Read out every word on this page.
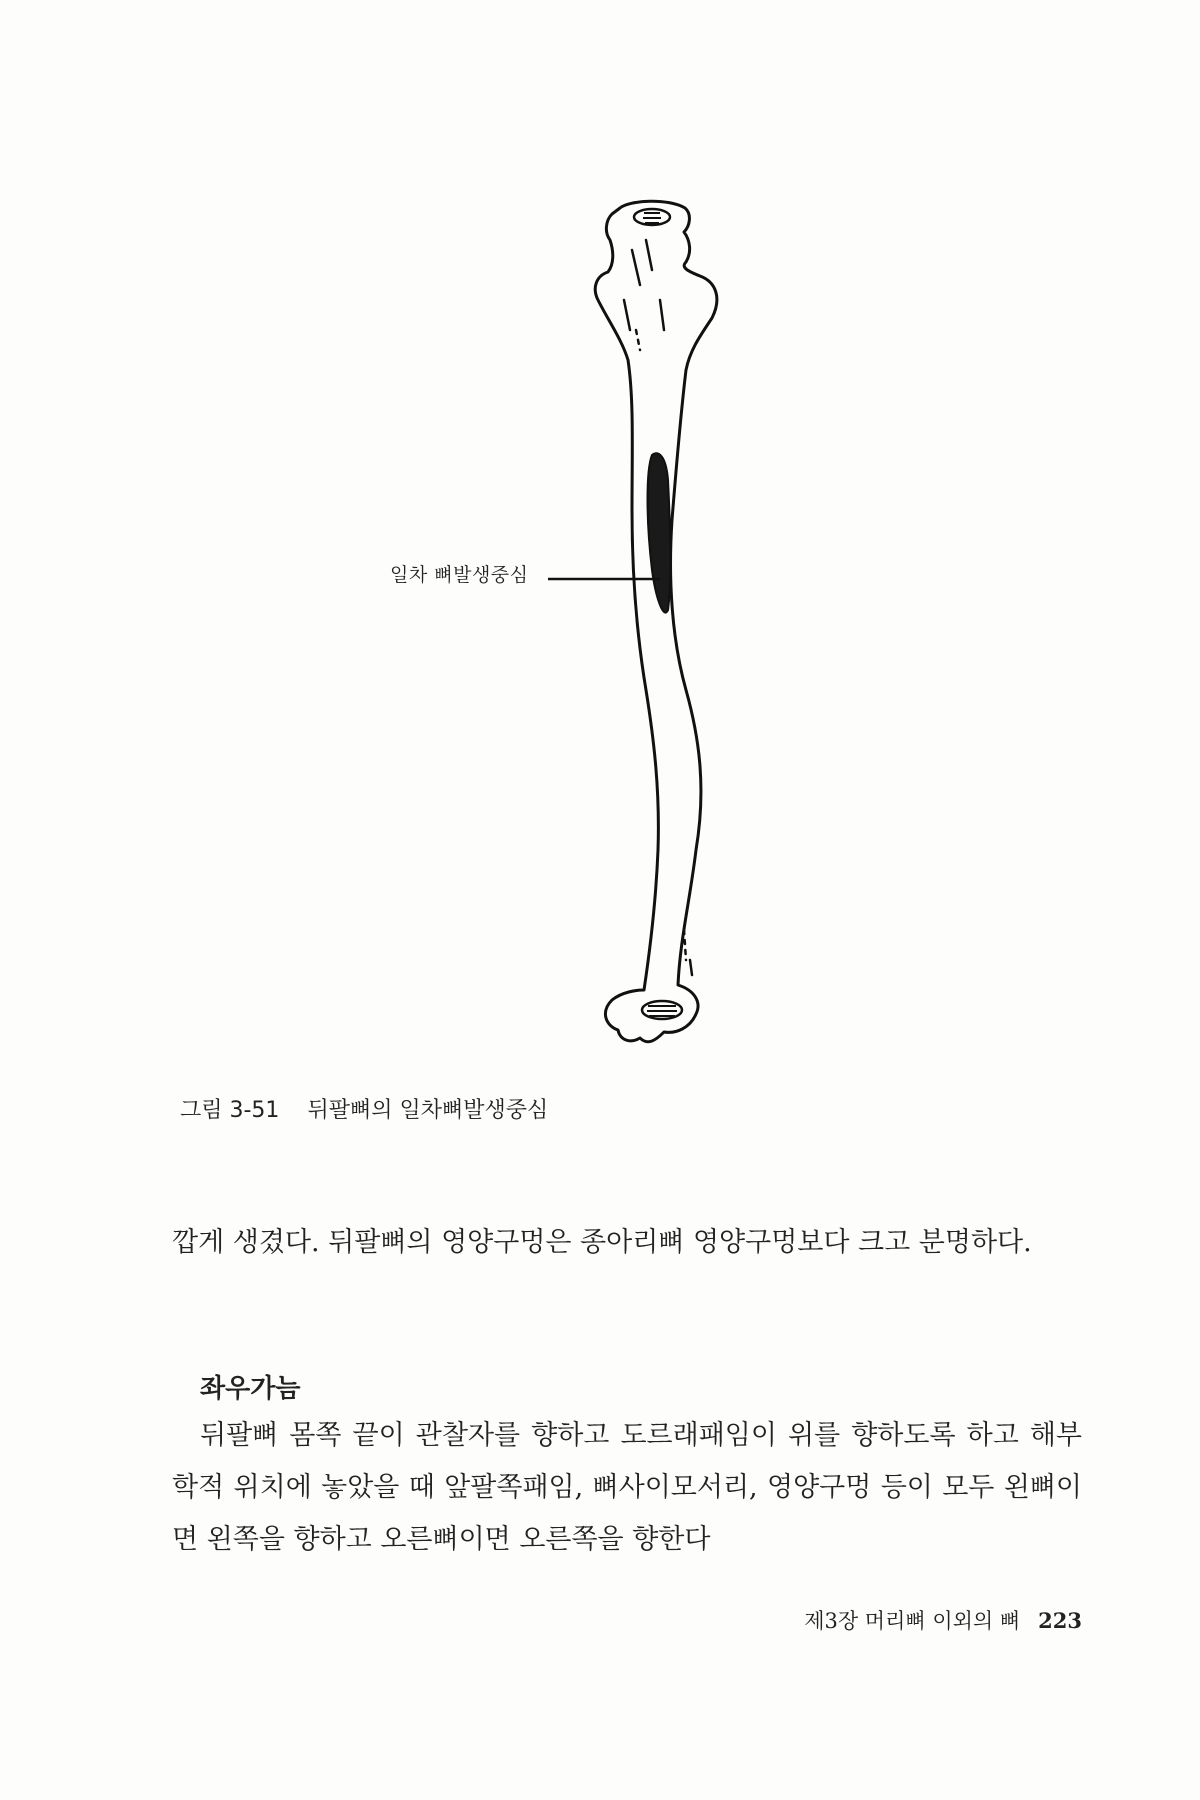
일차 뼈발생중심
그림 3-51 뒤팔뼈의 일차뼈발생중심

깝게 생겼다. 뒤팔뼈의 영양구멍은 종아리뼈 영양구멍보다 크고 분명하다.

좌우가늠

뒤팔뼈 몸쪽 끝이 관찰자를 향하고 도르래패임이 위를 향하도록 하고 해부학적 위치에 놓았을 때 앞팔쪽패임, 뼈사이모서리, 영양구멍 등이 모두 왼뼈이면 왼쪽을 향하고 오른뼈이면 오른쪽을 향한다

제3장 머리뼈 이외의 뼈 223
